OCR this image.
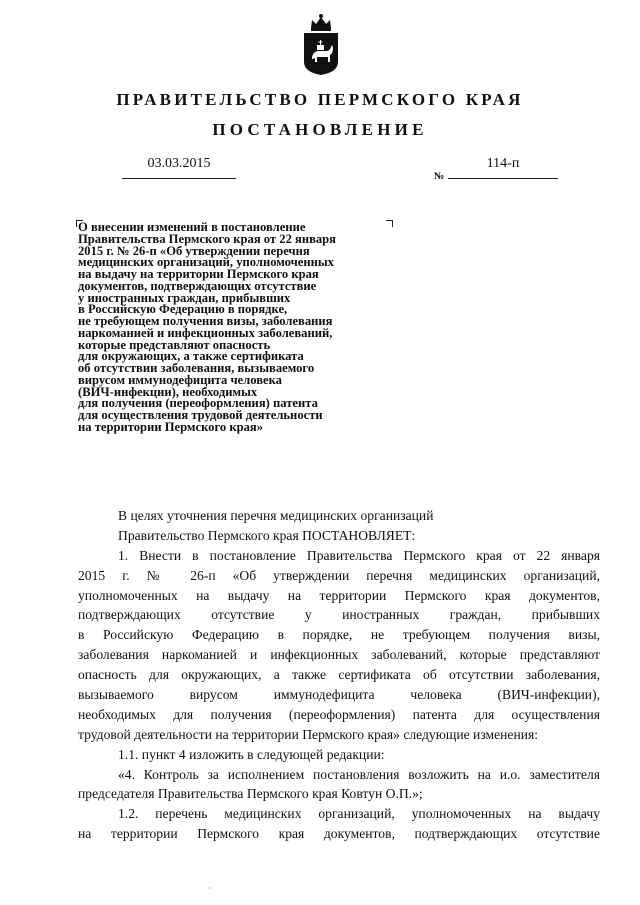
ПРАВИТЕЛЬСТВО ПЕРМСКОГО КРАЯ
ПОСТАНОВЛЕНИЕ
03.03.2015
№
114-п
О внесении изменений в постановление
Правительства Пермского края от 22 января
2015 г. № 26-п «Об утверждении перечня
медицинских организаций, уполномоченных
на выдачу на территории Пермского края
документов, подтверждающих отсутствие
у иностранных граждан, прибывших
в Российскую Федерацию в порядке,
не требующем получения визы, заболевания
наркоманией и инфекционных заболеваний,
которые представляют опасность
для окружающих, а также сертификата
об отсутствии заболевания, вызываемого
вирусом иммунодефицита человека
(ВИЧ-инфекции), необходимых
для получения (переоформления) патента
для осуществления трудовой деятельности
на территории Пермского края»
В целях уточнения перечня медицинских организаций
Правительство Пермского края ПОСТАНОВЛЯЕТ:
1. Внести в постановление Правительства Пермского края от 22 января
2015 г. № 26-п «Об утверждении перечня медицинских организаций,
уполномоченных на выдачу на территории Пермского края документов,
подтверждающих отсутствие у иностранных граждан, прибывших
в Российскую Федерацию в порядке, не требующем получения визы,
заболевания наркоманией и инфекционных заболеваний, которые представляют
опасность для окружающих, а также сертификата об отсутствии заболевания,
вызываемого вирусом иммунодефицита человека (ВИЧ-инфекции),
необходимых для получения (переоформления) патента для осуществления
трудовой деятельности на территории Пермского края» следующие изменения:
1.1. пункт 4 изложить в следующей редакции:
«4. Контроль за исполнением постановления возложить на и.о. заместителя
председателя Правительства Пермского края Ковтун О.П.»;
1.2. перечень медицинских организаций, уполномоченных на выдачу
на территории Пермского края документов, подтверждающих отсутствие
·
